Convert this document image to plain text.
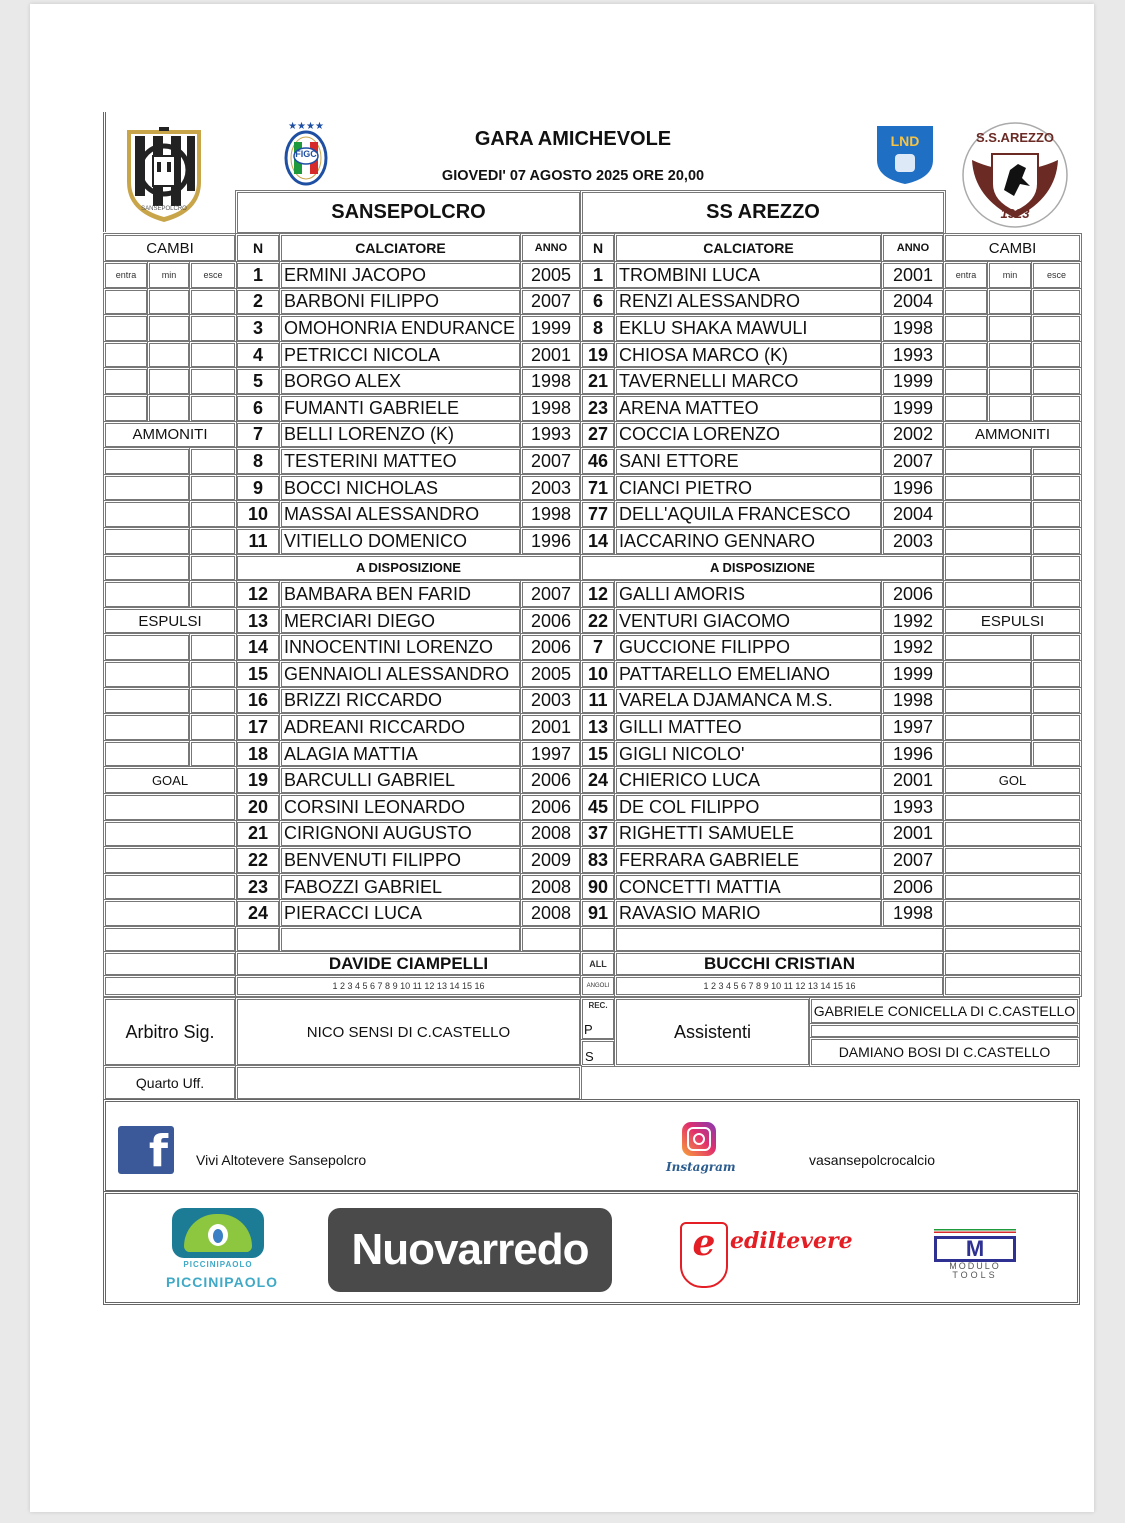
SANSEPOLCRO
★★★★
FIGC
GARA AMICHEVOLE
GIOVEDI' 07 AGOSTO 2025 ORE 20,00
LND	S.S.AREZZO
1923
SANSEPOLCRO	SS AREZZO
CAMBI	N	CALCIATORE	ANNO	N	CALCIATORE	ANNO	CAMBI
1	ERMINI JACOPO	2005	1 TROMBINI LUCA	2001
entra	min	esce	entra	min	esce
2	BARBONI FILIPPO	2007	6 RENZI ALESSANDRO	2004
3	OMOHONRIA ENDURANCE 1999	8 EKLU SHAKA MAWULI	1998
4	PETRICCI NICOLA	2001 19 CHIOSA MARCO (K)	1993
5	BORGO ALEX	1998 21 TAVERNELLI MARCO	1999
6	FUMANTI GABRIELE	1998 23 ARENA MATTEO	1999
7	BELLI LORENZO (K)	1993 27 COCCIA LORENZO	2002
AMMONITI	AMMONITI
8	TESTERINI MATTEO	2007 46 SANI ETTORE	2007
9	BOCCI NICHOLAS	2003 71 CIANCI PIETRO	1996
10 MASSAI ALESSANDRO	1998 77 DELL'AQUILA FRANCESCO	2004
11 VITIELLO DOMENICO	1996 14 IACCARINO GENNARO	2003
A DISPOSIZIONE	A DISPOSIZIONE
12 BAMBARA BEN FARID	2007 12 GALLI AMORIS	2006
13 MERCIARI DIEGO	2006 22 VENTURI GIACOMO	1992
ESPULSI	ESPULSI
14 INNOCENTINI LORENZO	2006	7 GUCCIONE FILIPPO	1992
15 GENNAIOLI ALESSANDRO	2005 10 PATTARELLO EMELIANO	1999
16 BRIZZI RICCARDO	2003 11 VARELA DJAMANCA M.S.	1998
17 ADREANI RICCARDO	2001 13 GILLI MATTEO	1997
18 ALAGIA MATTIA	1997 15 GIGLI NICOLO'	1996
19 BARCULLI GABRIEL	2006 24 CHIERICO LUCA	2001
GOAL	GOL
20 CORSINI LEONARDO	2006 45 DE COL FILIPPO	1993
21 CIRIGNONI AUGUSTO	2008 37 RIGHETTI SAMUELE	2001
22 BENVENUTI FILIPPO	2009 83 FERRARA GABRIELE	2007
23 FABOZZI GABRIEL	2008 90 CONCETTI MATTIA	2006
24 PIERACCI LUCA	2008 91 RAVASIO MARIO	1998
DAVIDE CIAMPELLI	ALL	BUCCHI CRISTIAN
1 2 3 4 5 6 7 8 9 10 11 12 13 14 15 16	ANGOLI	1 2 3 4 5 6 7 8 9 10 11 12 13 14 15 16
Arbitro Sig.	NICO SENSI DI C.CASTELLO
REC.
P
S
Assistenti
GABRIELE CONICELLA DI C.CASTELLO
DAMIANO BOSI DI C.CASTELLO
Quarto Uff.
f	Vivi Altotevere Sansepolcro	Instagram	vasansepolcrocalcio
PICCINIPAOLO
PICCINIPAOLO
Nuovarredo	e ediltevere	M
MODULO
TOOLS
